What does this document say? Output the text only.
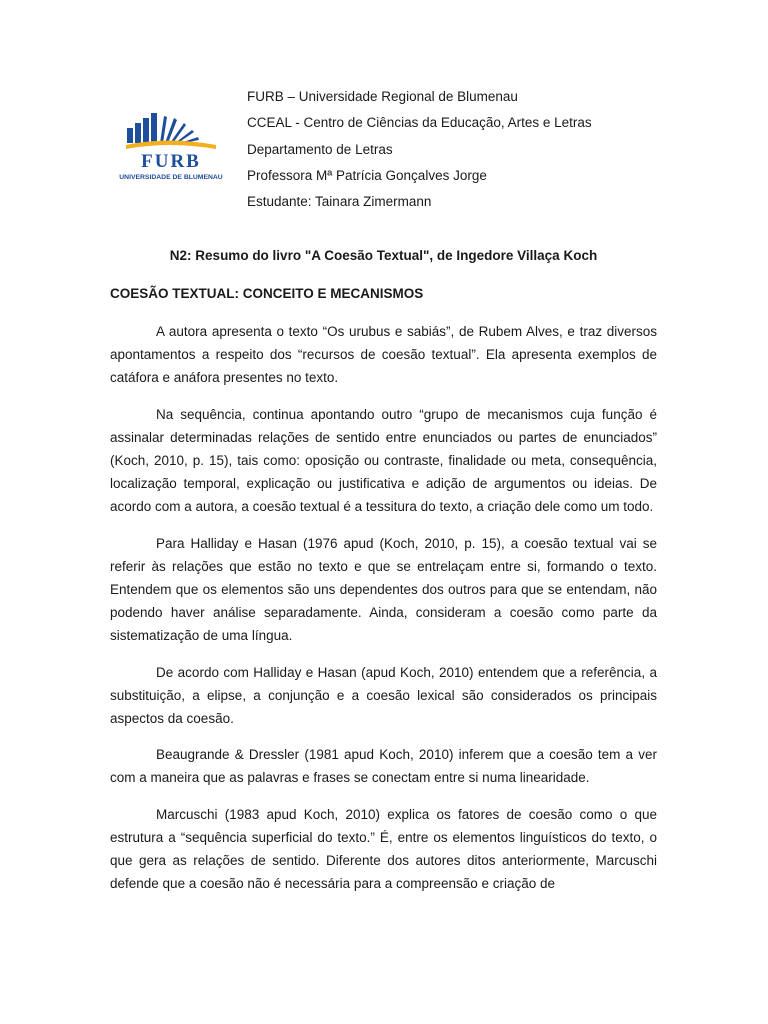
FURB
UNIVERSIDADE DE BLUMENAU
FURB – Universidade Regional de Blumenau
CCEAL - Centro de Ciências da Educação, Artes e Letras
Departamento de Letras
Professora Mª Patrícia Gonçalves Jorge
Estudante: Tainara Zimermann
N2: Resumo do livro "A Coesão Textual", de Ingedore Villaça Koch
COESÃO TEXTUAL: CONCEITO E MECANISMOS

A autora apresenta o texto “Os urubus e sabiás”, de Rubem Alves, e traz diversos apontamentos a respeito dos “recursos de coesão textual”. Ela apresenta exemplos de catáfora e anáfora presentes no texto.

Na sequência, continua apontando outro “grupo de mecanismos cuja função é assinalar determinadas relações de sentido entre enunciados ou partes de enunciados” (Koch, 2010, p. 15), tais como: oposição ou contraste, finalidade ou meta, consequência, localização temporal, explicação ou justificativa e adição de argumentos ou ideias. De acordo com a autora, a coesão textual é a tessitura do texto, a criação dele como um todo.

Para Halliday e Hasan (1976 apud (Koch, 2010, p. 15), a coesão textual vai se referir às relações que estão no texto e que se entrelaçam entre si, formando o texto. Entendem que os elementos são uns dependentes dos outros para que se entendam, não podendo haver análise separadamente. Ainda, consideram a coesão como parte da sistematização de uma língua.

De acordo com Halliday e Hasan (apud Koch, 2010) entendem que a referência, a substituição, a elipse, a conjunção e a coesão lexical são considerados os principais aspectos da coesão.

Beaugrande & Dressler (1981 apud Koch, 2010) inferem que a coesão tem a ver com a maneira que as palavras e frases se conectam entre si numa linearidade.

Marcuschi (1983 apud Koch, 2010) explica os fatores de coesão como o que estrutura a “sequência superficial do texto.” É, entre os elementos linguísticos do texto, o que gera as relações de sentido. Diferente dos autores ditos anteriormente, Marcuschi defende que a coesão não é necessária para a compreensão e criação de
